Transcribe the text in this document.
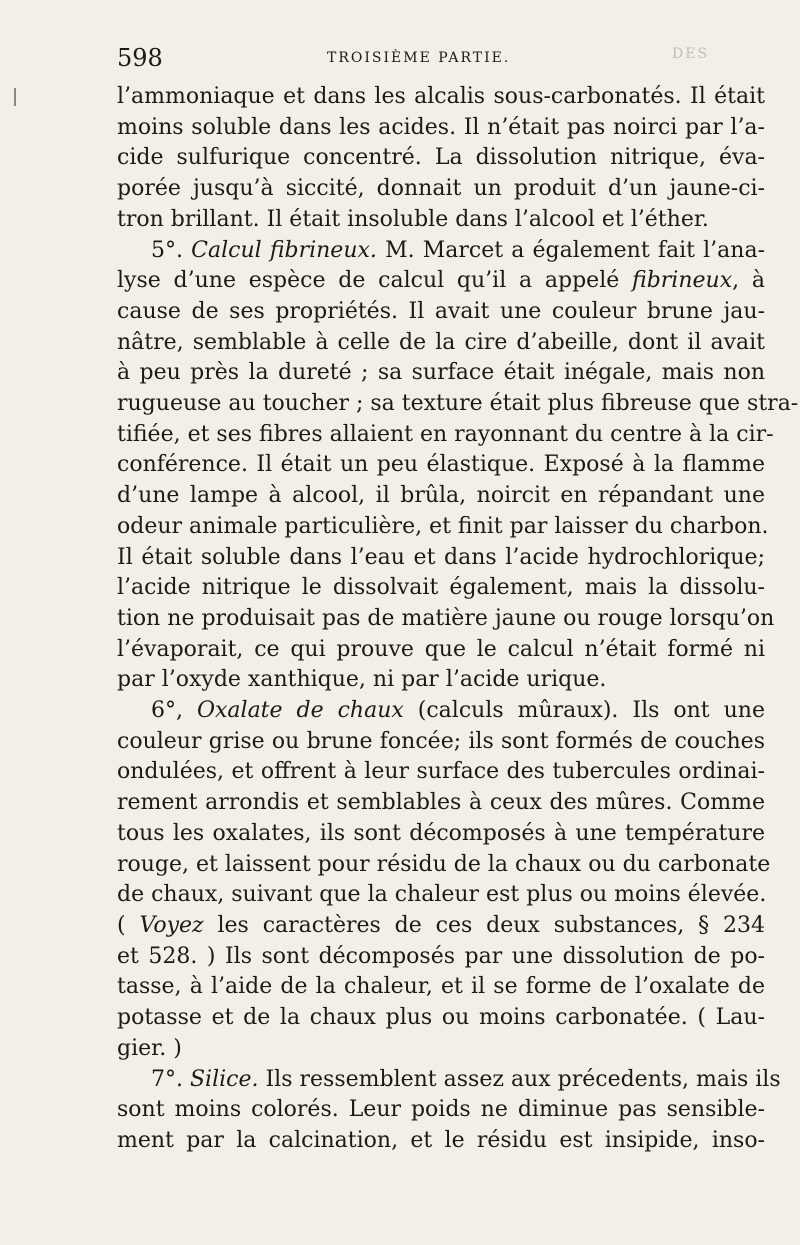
598	TROISIÈME PARTIE.	DES
l’ammoniaque et dans les alcalis sous-carbonatés. Il était
moins soluble dans les acides. Il n’était pas noirci par l’a-
cide sulfurique concentré. La dissolution nitrique, éva-
porée jusqu’à siccité, donnait un produit d’un jaune-ci-
tron brillant. Il était insoluble dans l’alcool et l’éther.
5°. Calcul fibrineux. M. Marcet a également fait l’ana-
lyse d’une espèce de calcul qu’il a appelé fibrineux, à
cause de ses propriétés. Il avait une couleur brune jau-
nâtre, semblable à celle de la cire d’abeille, dont il avait
à peu près la dureté ; sa surface était inégale, mais non
rugueuse au toucher ; sa texture était plus fibreuse que stra-
tifiée, et ses fibres allaient en rayonnant du centre à la cir-
conférence. Il était un peu élastique. Exposé à la flamme
d’une lampe à alcool, il brûla, noircit en répandant une
odeur animale particulière, et finit par laisser du charbon.
Il était soluble dans l’eau et dans l’acide hydrochlorique;
l’acide nitrique le dissolvait également, mais la dissolu-
tion ne produisait pas de matière jaune ou rouge lorsqu’on
l’évaporait, ce qui prouve que le calcul n’était formé ni
par l’oxyde xanthique, ni par l’acide urique.
6°, Oxalate de chaux (calculs mûraux). Ils ont une
couleur grise ou brune foncée; ils sont formés de couches
ondulées, et offrent à leur surface des tubercules ordinai-
rement arrondis et semblables à ceux des mûres. Comme
tous les oxalates, ils sont décomposés à une température
rouge, et laissent pour résidu de la chaux ou du carbonate
de chaux, suivant que la chaleur est plus ou moins élevée.
( Voyez les caractères de ces deux substances, § 234
et 528. ) Ils sont décomposés par une dissolution de po-
tasse, à l’aide de la chaleur, et il se forme de l’oxalate de
potasse et de la chaux plus ou moins carbonatée. ( Lau-
gier. )
7°. Silice. Ils ressemblent assez aux précedents, mais ils
sont moins colorés. Leur poids ne diminue pas sensible-
ment par la calcination, et le résidu est insipide, inso-
